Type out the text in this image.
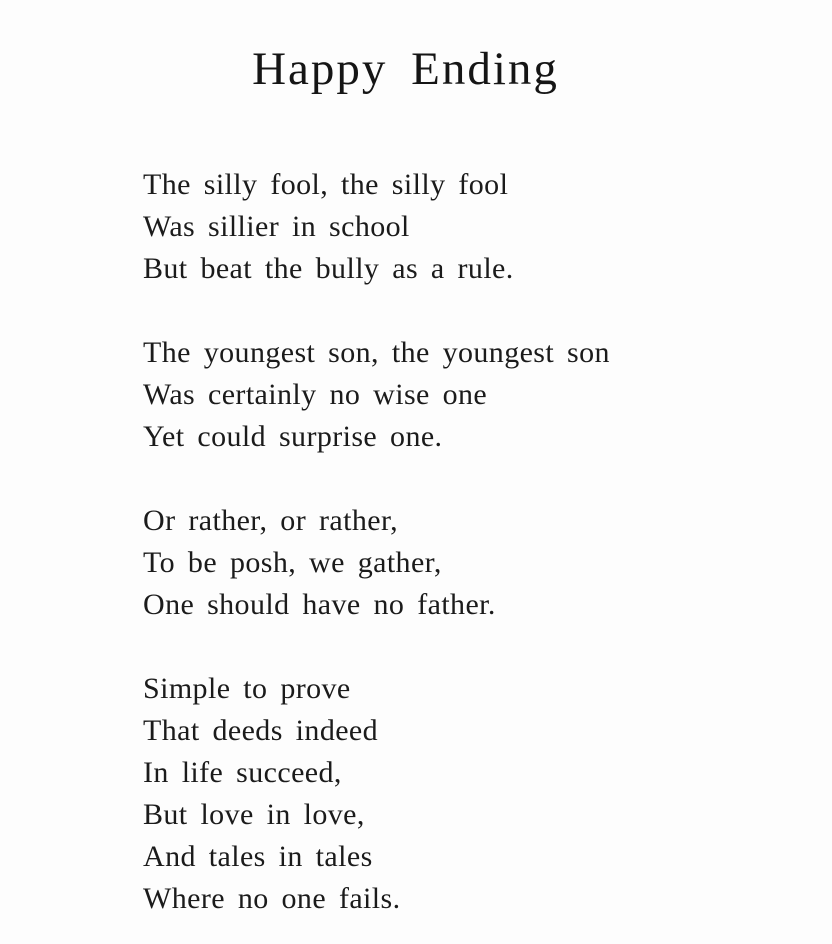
Happy Ending
The silly fool, the silly fool
Was sillier in school
But beat the bully as a rule.
The youngest son, the youngest son
Was certainly no wise one
Yet could surprise one.
Or rather, or rather,
To be posh, we gather,
One should have no father.
Simple to prove
That deeds indeed
In life succeed,
But love in love,
And tales in tales
Where no one fails.
